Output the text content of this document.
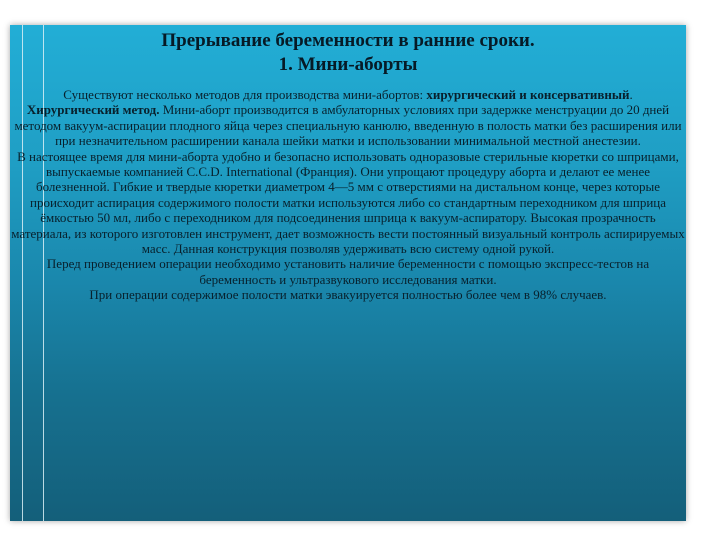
Прерывание беременности в ранние сроки.
1. Мини-аборты

Существуют несколько методов для производства мини-абортов: хирургический и консервативный.

Хирургический метод. Мини-аборт производится в амбулаторных условиях при задержке менструации до 20 дней методом вакуум-аспирации плодного яйца через специальную канюлю, введенную в полость матки без расширения или при незначительном расширении канала шейки матки и использовании минимальной местной анестезии.

В настоящее время для мини-аборта удобно и безопасно использовать одноразовые стерильные кюретки со шприцами, выпускаемые компанией C.C.D. International (Франция). Они упрощают процедуру аборта и делают ее менее болезненной. Гибкие и твердые кюретки диаметром 4—5 мм с отверстиями на дистальном конце, через которые происходит аспирация содержимого полости матки используются либо со стандартным переходником для шприца ёмкостью 50 мл, либо с переходником для подсоединения шприца к вакуум-аспиратору. Высокая прозрачность материала, из которого изготовлен инструмент, дает возможность вести постоянный визуальный контроль аспирируемых масс. Данная конструкция позволяв удерживать всю систему одной рукой.

Перед проведением операции необходимо установить наличие беременности с помощью экспресс-тестов на беременность и ультразвукового исследования матки.

При операции содержимое полости матки эвакуируется полностью более чем в 98% случаев.
